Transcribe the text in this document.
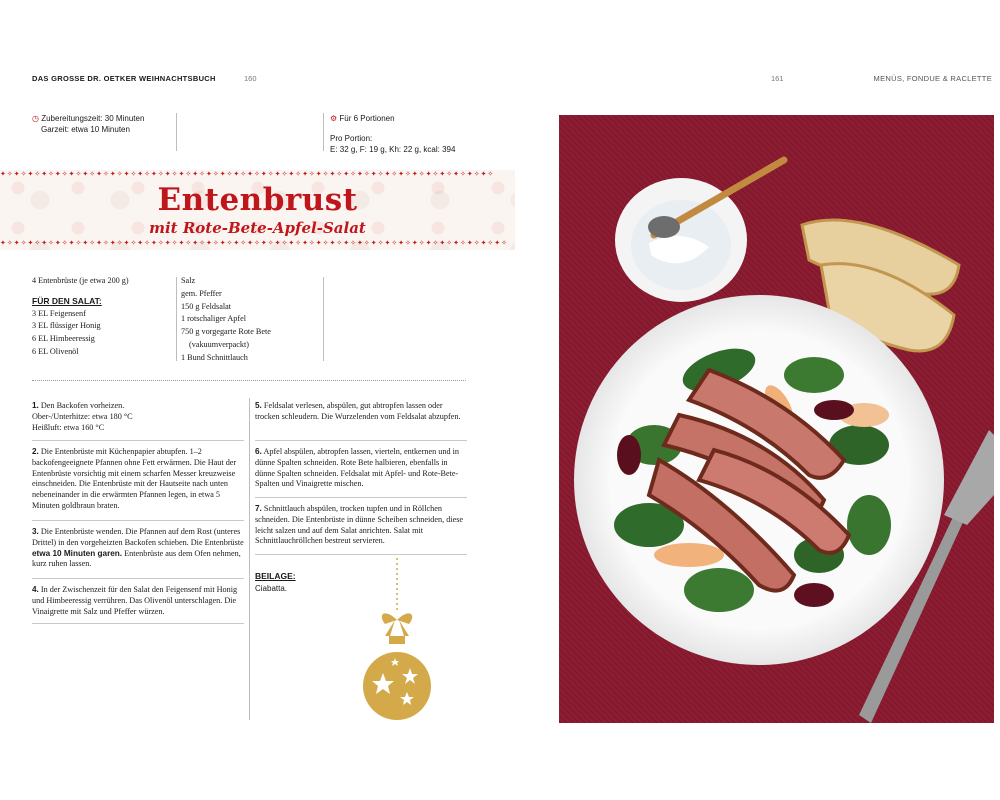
DAS GROSSE DR. OETKER WEIHNACHTSBUCH	160	161	MENÜS, FONDUE & RACLETTE
◷ Zubereitungszeit: 30 Minuten
Garzeit: etwa 10 Minuten
⚙ Für 6 Portionen
Pro Portion:
E: 32 g, F: 19 g, Kh: 22 g, kcal: 394
✦✧✦✧✦✧✦✧✦✧✦✧✦✧✦✧✦✧✦✧✦✧✦✧✦✧✦✧✦✧✦✧✦✧✦✧✦✧✦✧✦✧✦✧✦✧✦✧✦✧✦✧✦✧✦✧✦✧✦✧✦✧✦✧✦✧✦✧✦✧✦✧
✦✧✦✧✦✧✦✧✦✧✦✧✦✧✦✧✦✧✦✧✦✧✦✧✦✧✦✧✦✧✦✧✦✧✦✧✦✧✦✧✦✧✦✧✦✧✦✧✦✧✦✧✦✧✦✧✦✧✦✧✦✧✦✧✦✧✦✧✦✧✦✧✦✧
Entenbrust
mit Rote-Bete-Apfel-Salat
4 Entenbrüste (je etwa 200 g)
FÜR DEN SALAT:
3 EL Feigensenf
3 EL flüssiger Honig
6 EL Himbeeressig
6 EL Olivenöl
Salz
gem. Pfeffer
150 g Feldsalat
1 rotschaliger Apfel
750 g vorgegarte Rote Bete
(vakuumverpackt)
1 Bund Schnittlauch
1. Den Backofen vorheizen.
Ober-/Unterhitze: etwa 180 °C
Heißluft: etwa 160 °C
2. Die Entenbrüste mit Küchenpapier abtupfen. 1–2 backofengeeignete Pfannen ohne Fett erwärmen. Die Haut der Entenbrüste vorsichtig mit einem scharfen Messer kreuzweise einschneiden. Die Entenbrüste mit der Hautseite nach unten nebeneinander in die erwärmten Pfannen legen, in etwa 5 Minuten goldbraun braten.
3. Die Entenbrüste wenden. Die Pfannen auf dem Rost (unteres Drittel) in den vorgeheizten Backofen schieben. Die Entenbrüste etwa 10 Minuten garen. Entenbrüste aus dem Ofen nehmen, kurz ruhen lassen.
4. In der Zwischenzeit für den Salat den Feigensenf mit Honig und Himbeeressig verrühren. Das Olivenöl unterschlagen. Die Vinaigrette mit Salz und Pfeffer würzen.
5. Feldsalat verlesen, abspülen, gut abtropfen lassen oder trocken schleudern. Die Wurzelenden vom Feldsalat abzupfen.
6. Apfel abspülen, abtropfen lassen, vierteln, entkernen und in dünne Spalten schneiden. Rote Bete halbieren, ebenfalls in dünne Spalten schneiden. Feldsalat mit Apfel- und Rote-Bete-Spalten und Vinaigrette mischen.
7. Schnittlauch abspülen, trocken tupfen und in Röllchen schneiden. Die Entenbrüste in dünne Scheiben schneiden, diese leicht salzen und auf dem Salat anrichten. Salat mit Schnittlauchröllchen bestreut servieren.
BEILAGE:
Ciabatta.
